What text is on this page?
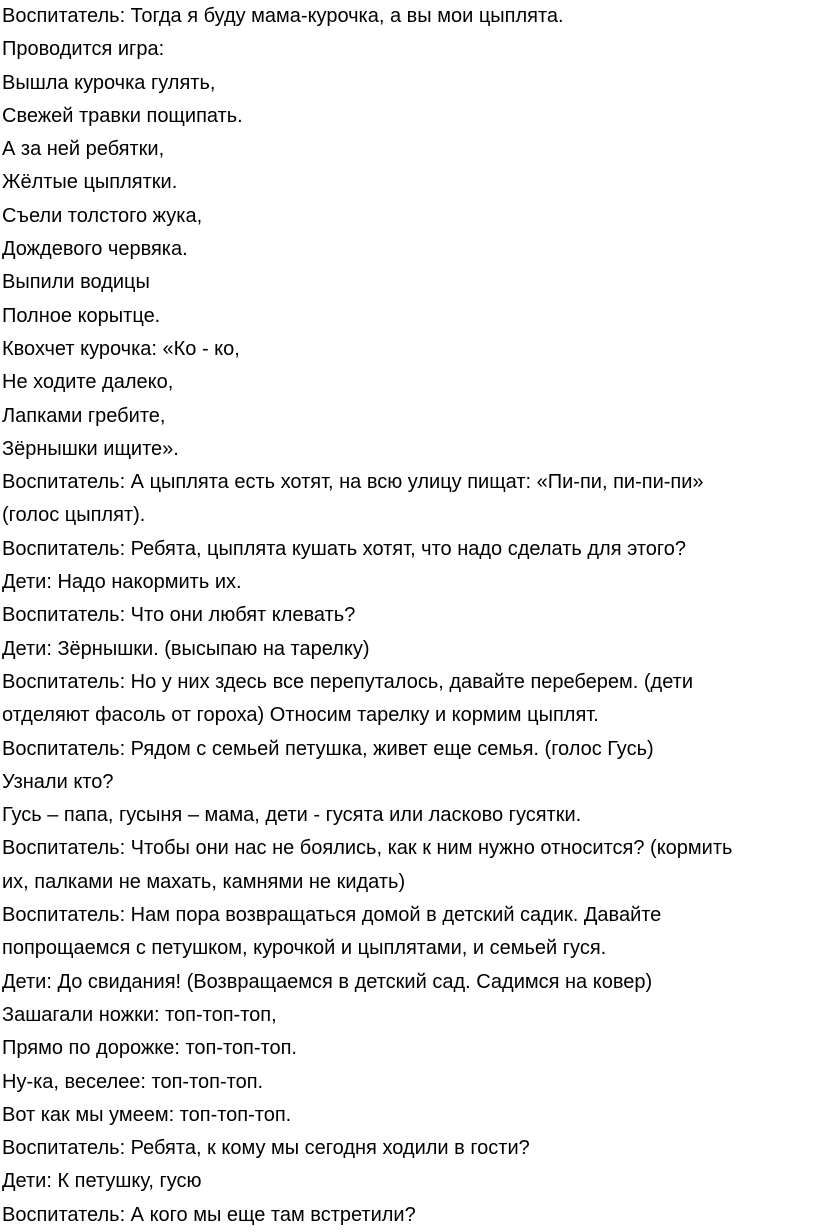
Воспитатель: Тогда я буду мама-курочка, а вы мои цыплята.
Проводится игра:
Вышла курочка гулять,
Свежей травки пощипать.
А за ней ребятки,
Жёлтые цыплятки.
Съели толстого жука,
Дождевого червяка.
Выпили водицы
Полное корытце.
Квохчет курочка: «Ко - ко,
Не ходите далеко,
Лапками гребите,
Зёрнышки ищите».
Воспитатель: А цыплята есть хотят, на всю улицу пищат: «Пи-пи, пи-пи-пи»
(голос цыплят).
Воспитатель: Ребята, цыплята кушать хотят, что надо сделать для этого?
Дети: Надо накормить их.
Воспитатель: Что они любят клевать?
Дети: Зёрнышки. (высыпаю на тарелку)
Воспитатель: Но у них здесь все перепуталось, давайте переберем. (дети
отделяют фасоль от гороха) Относим тарелку и кормим цыплят.
Воспитатель: Рядом с семьей петушка, живет еще семья. (голос Гусь)
Узнали кто?
Гусь – папа, гусыня – мама, дети - гусята или ласково гусятки.
Воспитатель: Чтобы они нас не боялись, как к ним нужно относится? (кормить
их, палками не махать, камнями не кидать)
Воспитатель: Нам пора возвращаться домой в детский садик. Давайте
попрощаемся с петушком, курочкой и цыплятами, и семьей гуся.
Дети: До свидания! (Возвращаемся в детский сад. Садимся на ковер)
Зашагали ножки: топ-топ-топ,
Прямо по дорожке: топ-топ-топ.
Ну-ка, веселее: топ-топ-топ.
Вот как мы умеем: топ-топ-топ.
Воспитатель: Ребята, к кому мы сегодня ходили в гости?
Дети: К петушку, гусю
Воспитатель: А кого мы еще там встретили?
